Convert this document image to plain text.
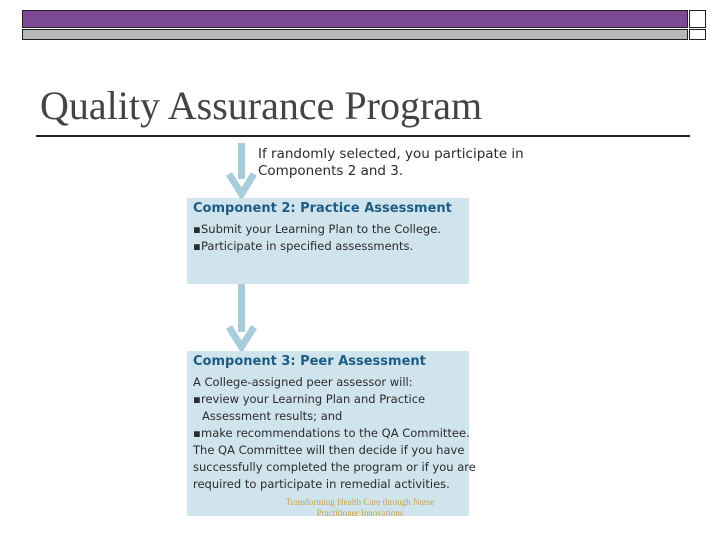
Quality Assurance Program
If randomly selected, you participate in
Components 2 and 3.
Component 2: Practice Assessment
▪Submit your Learning Plan to the College.
▪Participate in specified assessments.
Component 3: Peer Assessment
A College-assigned peer assessor will:
▪review your Learning Plan and Practice
Assessment results; and
▪make recommendations to the QA Committee.
The QA Committee will then decide if you have
successfully completed the program or if you are
required to participate in remedial activities.
Transforming Health Care through Nurse
Practitioner Innovations
